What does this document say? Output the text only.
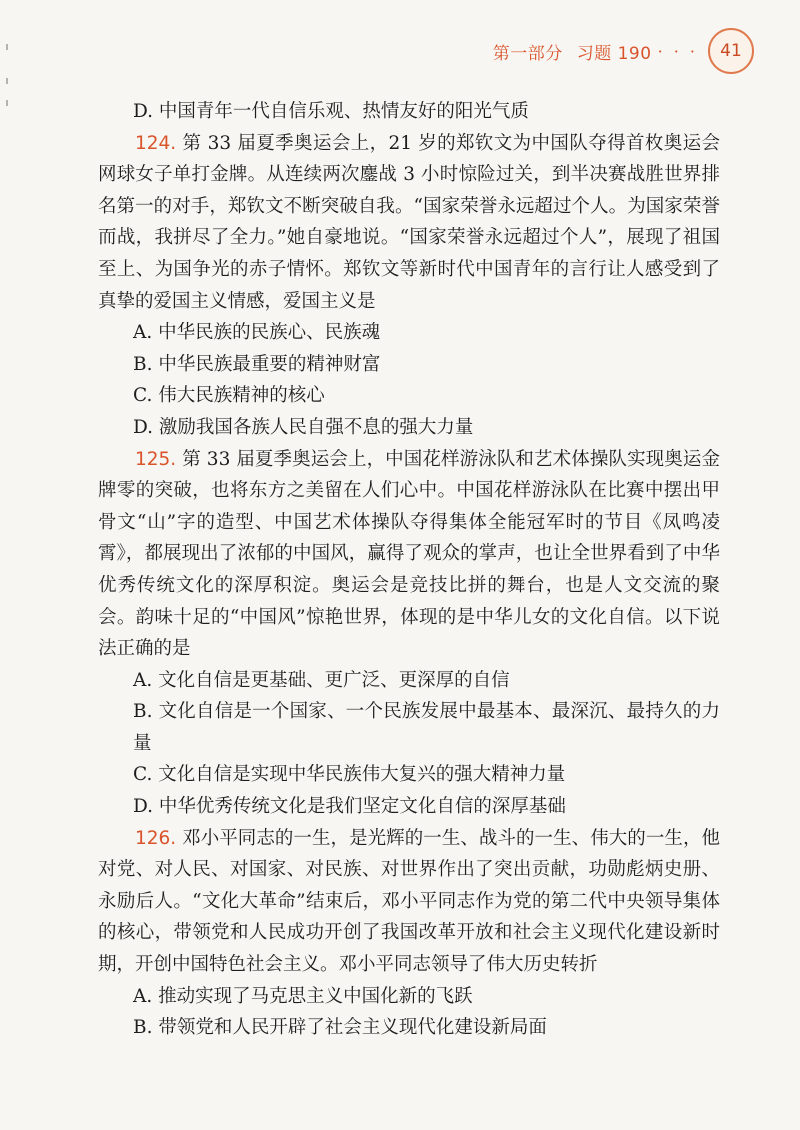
第一部分 习题 190 · · · 41

D. 中国青年一代自信乐观、热情友好的阳光气质

124. 第 33 届夏季奥运会上，21 岁的郑钦文为中国队夺得首枚奥运会网球女子单打金牌。从连续两次鏖战 3 小时惊险过关，到半决赛战胜世界排名第一的对手，郑钦文不断突破自我。“国家荣誉永远超过个人。为国家荣誉而战，我拼尽了全力。”她自豪地说。“国家荣誉永远超过个人”，展现了祖国至上、为国争光的赤子情怀。郑钦文等新时代中国青年的言行让人感受到了真挚的爱国主义情感，爱国主义是

A. 中华民族的民族心、民族魂

B. 中华民族最重要的精神财富

C. 伟大民族精神的核心

D. 激励我国各族人民自强不息的强大力量

125. 第 33 届夏季奥运会上，中国花样游泳队和艺术体操队实现奥运金牌零的突破，也将东方之美留在人们心中。中国花样游泳队在比赛中摆出甲骨文“山”字的造型、中国艺术体操队夺得集体全能冠军时的节目《凤鸣凌霄》，都展现出了浓郁的中国风，赢得了观众的掌声，也让全世界看到了中华优秀传统文化的深厚积淀。奥运会是竞技比拼的舞台，也是人文交流的聚会。韵味十足的“中国风”惊艳世界，体现的是中华儿女的文化自信。以下说法正确的是

A. 文化自信是更基础、更广泛、更深厚的自信

B. 文化自信是一个国家、一个民族发展中最基本、最深沉、最持久的力量

C. 文化自信是实现中华民族伟大复兴的强大精神力量

D. 中华优秀传统文化是我们坚定文化自信的深厚基础

126. 邓小平同志的一生，是光辉的一生、战斗的一生、伟大的一生，他对党、对人民、对国家、对民族、对世界作出了突出贡献，功勋彪炳史册、永励后人。“文化大革命”结束后，邓小平同志作为党的第二代中央领导集体的核心，带领党和人民成功开创了我国改革开放和社会主义现代化建设新时期，开创中国特色社会主义。邓小平同志领导了伟大历史转折

A. 推动实现了马克思主义中国化新的飞跃

B. 带领党和人民开辟了社会主义现代化建设新局面
